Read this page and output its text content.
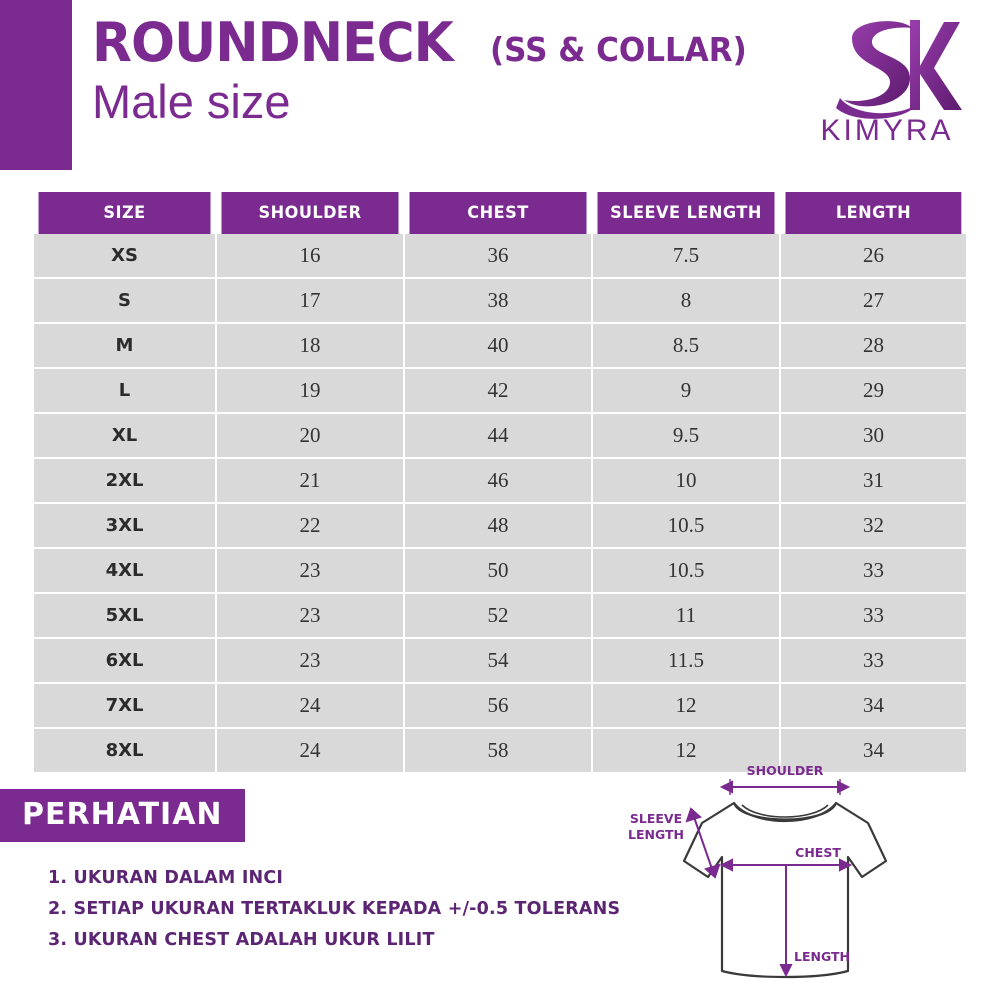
ROUNDNECK (SS & COLLAR)
Male size
KIMYRA
SIZE	SHOULDER	CHEST	SLEEVE LENGTH	LENGTH
XS	16	36	7.5	26
S	17	38	8	27
M	18	40	8.5	28
L	19	42	9	29
XL	20	44	9.5	30
2XL	21	46	10	31
3XL	22	48	10.5	32
4XL	23	50	10.5	33
5XL	23	52	11	33
6XL	23	54	11.5	33
7XL	24	56	12	34
8XL	24	58	12	34
PERHATIAN
1. UKURAN DALAM INCI
2. SETIAP UKURAN TERTAKLUK KEPADA +/-0.5 TOLERANS
3. UKURAN CHEST ADALAH UKUR LILIT
SHOULDER
SLEEVE
LENGTH
CHEST
LENGTH
